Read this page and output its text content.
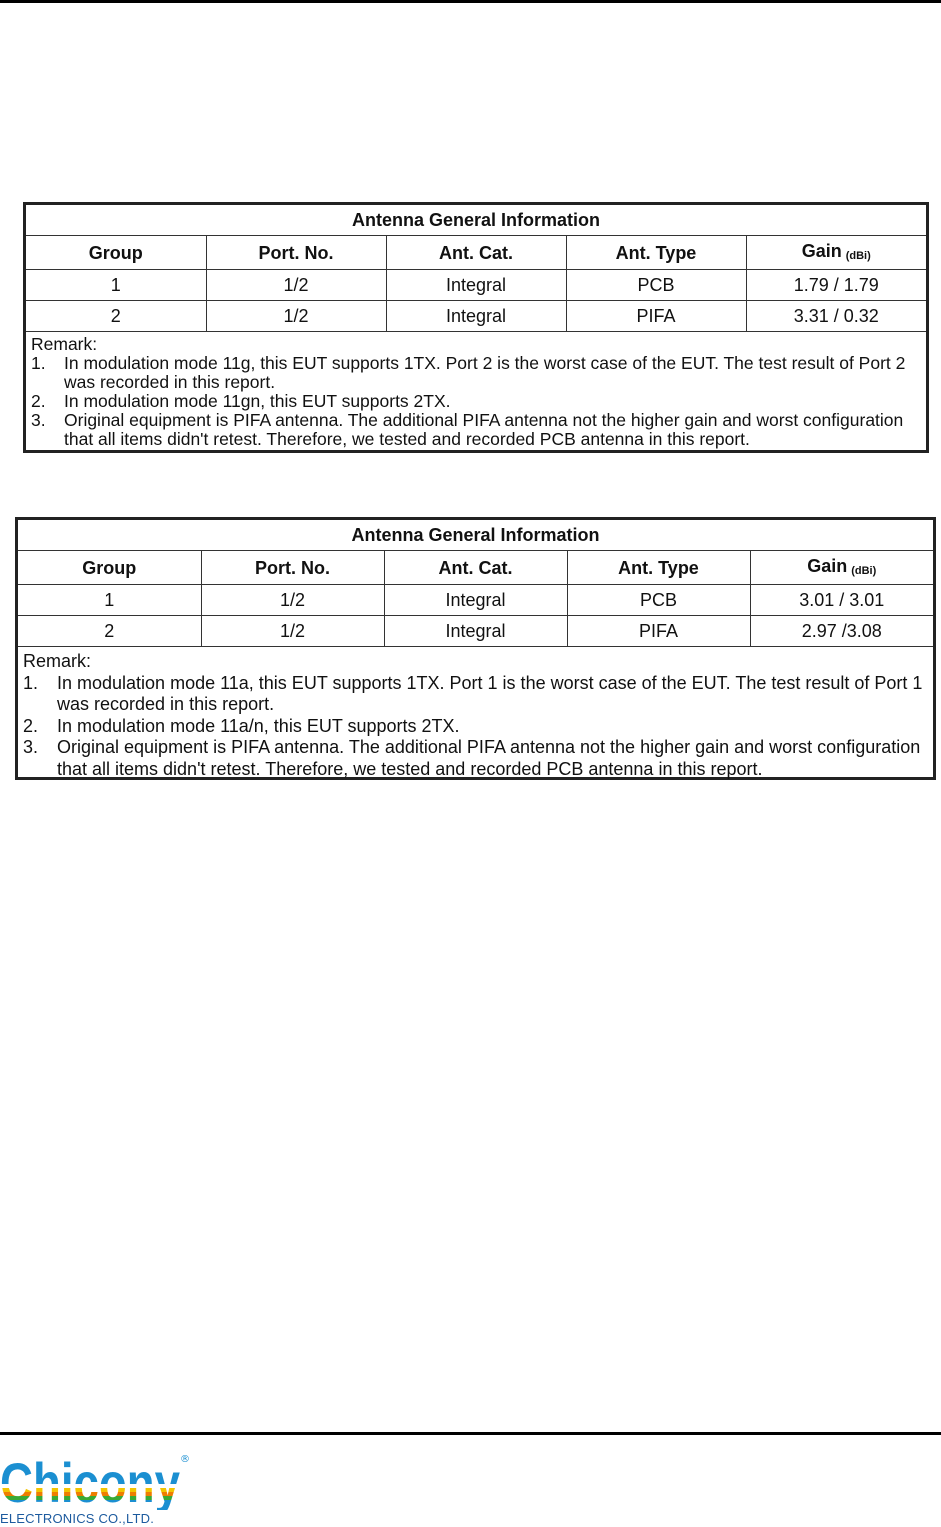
Antenna General Information				
Group	Port. No.	Ant. Cat.	Ant. Type	Gain (dBi)
1	1/2	Integral	PCB	1.79 / 1.79
2	1/2	Integral	PIFA	3.31 / 0.32
Remark:
1.	In modulation mode 11g, this EUT supports 1TX. Port 2 is the worst case of the EUT. The test result of Port 2 was recorded in this report.
2.	In modulation mode 11gn, this EUT supports 2TX.
3.	Original equipment is PIFA antenna. The additional PIFA antenna not the higher gain and worst configuration that all items didn't retest. Therefore, we tested and recorded PCB antenna in this report.
Antenna General Information				
Group	Port. No.	Ant. Cat.	Ant. Type	Gain (dBi)
1	1/2	Integral	PCB	3.01 / 3.01
2	1/2	Integral	PIFA	2.97 /3.08
Remark:
1.	In modulation mode 11a, this EUT supports 1TX. Port 1 is the worst case of the EUT. The test result of Port 1 was recorded in this report.
2.	In modulation mode 11a/n, this EUT supports 2TX.
3.	Original equipment is PIFA antenna. The additional PIFA antenna not the higher gain and worst configuration that all items didn't retest. Therefore, we tested and recorded PCB antenna in this report.
®
ELECTRONICS CO.,LTD.
